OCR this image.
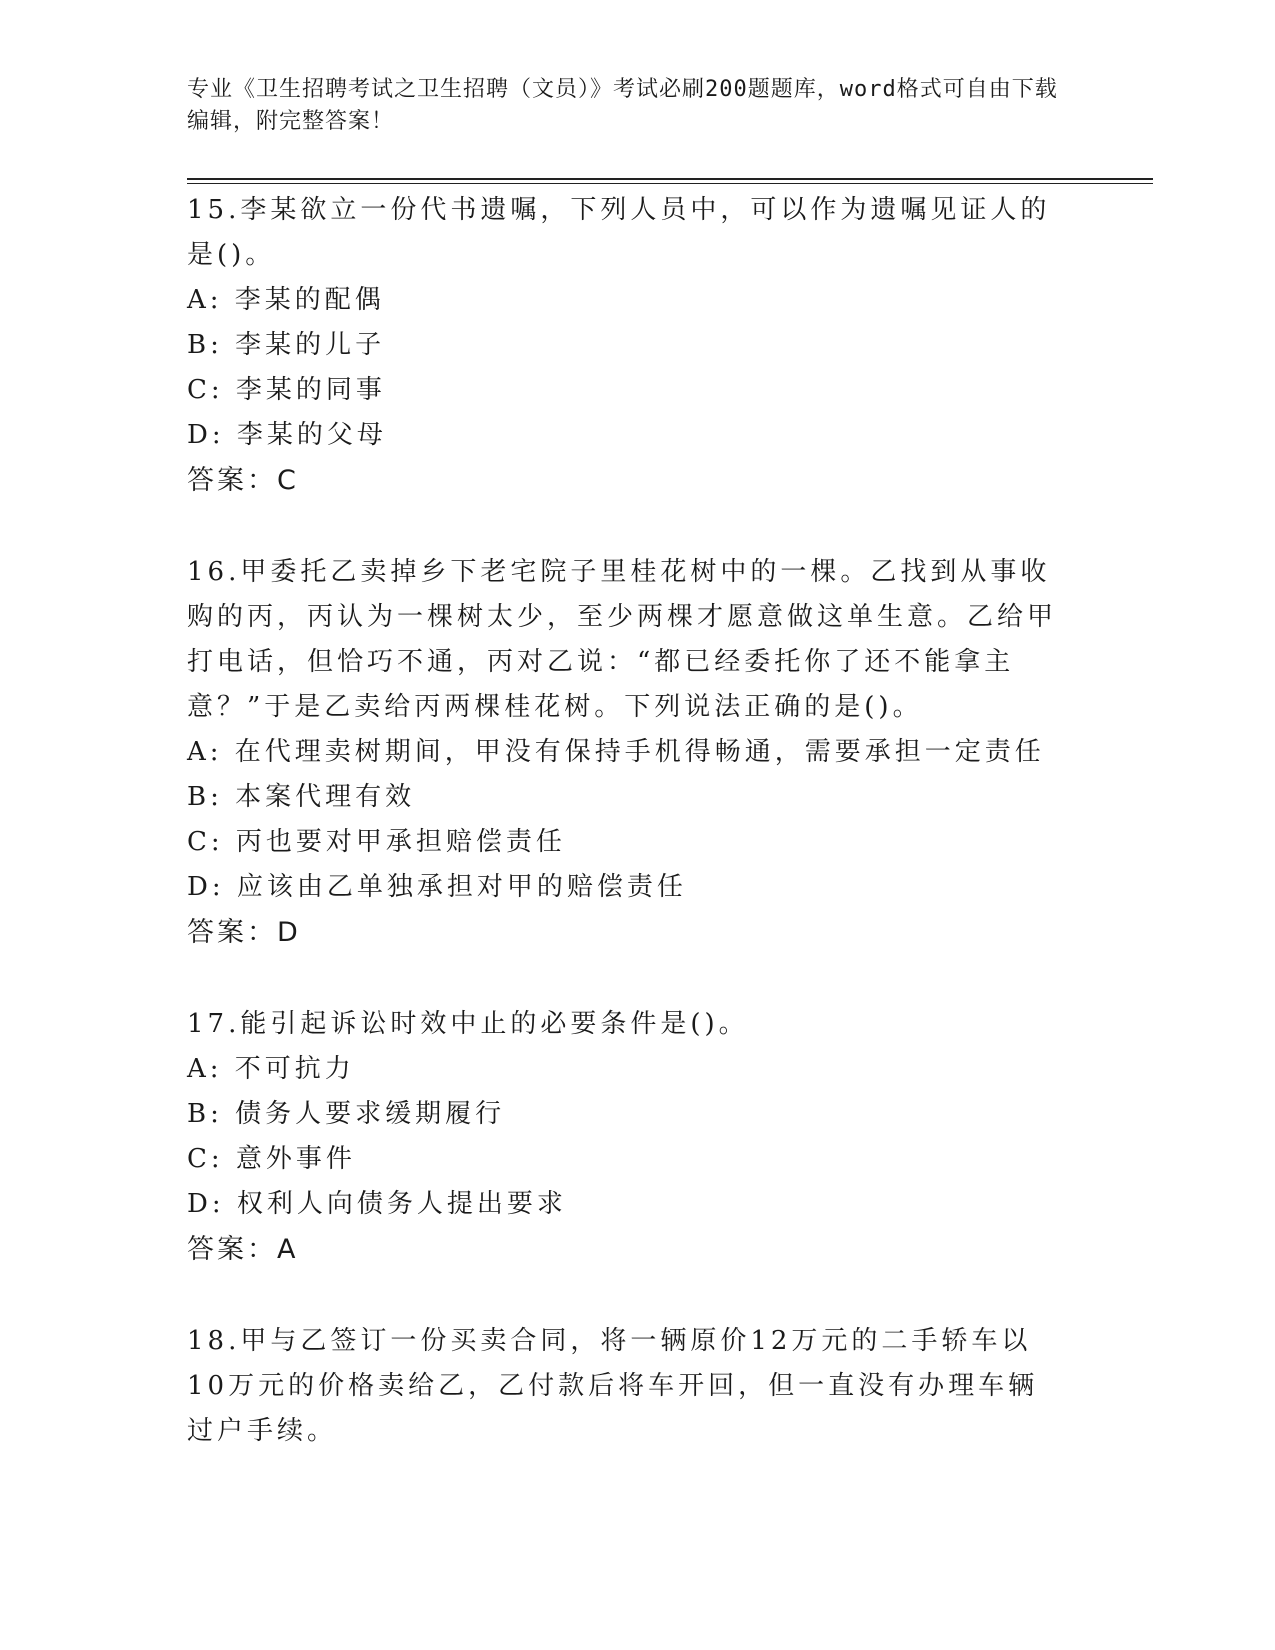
专业《卫生招聘考试之卫生招聘（文员）》考试必刷200题题库，word格式可自由下载编辑，附完整答案！

15.李某欲立一份代书遗嘱，下列人员中，可以作为遗嘱见证人的是()。

A: 李某的配偶

B: 李某的儿子

C: 李某的同事

D: 李某的父母

答案：C

16.甲委托乙卖掉乡下老宅院子里桂花树中的一棵。乙找到从事收购的丙，丙认为一棵树太少，至少两棵才愿意做这单生意。乙给甲打电话，但恰巧不通，丙对乙说：“都已经委托你了还不能拿主意？”于是乙卖给丙两棵桂花树。下列说法正确的是()。

A: 在代理卖树期间，甲没有保持手机得畅通，需要承担一定责任

B: 本案代理有效

C: 丙也要对甲承担赔偿责任

D: 应该由乙单独承担对甲的赔偿责任

答案：D

17.能引起诉讼时效中止的必要条件是()。

A: 不可抗力

B: 债务人要求缓期履行

C: 意外事件

D: 权利人向债务人提出要求

答案：A

18.甲与乙签订一份买卖合同，将一辆原价12万元的二手轿车以10万元的价格卖给乙，乙付款后将车开回，但一直没有办理车辆过户手续。
